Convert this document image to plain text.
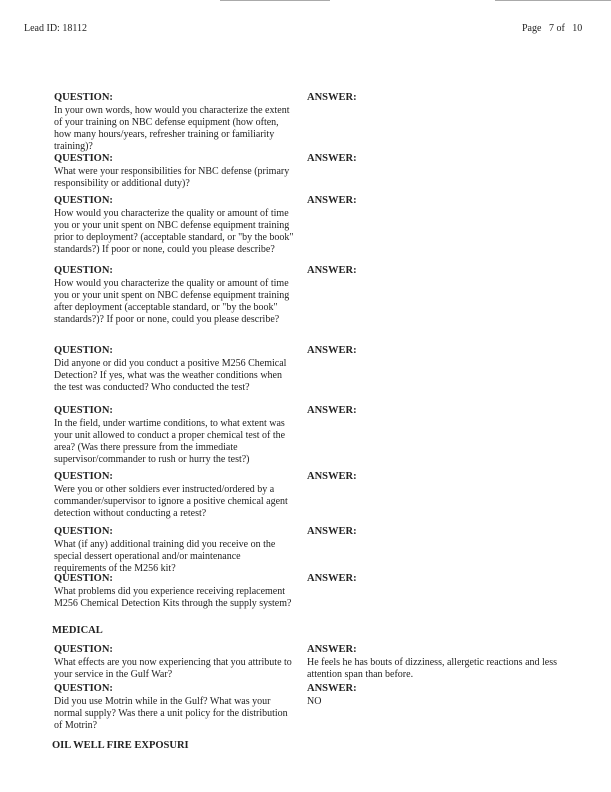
Lead ID: 18112	Page   7 of   10
QUESTION:
In your own words, how would you characterize the extent of your training on NBC defense equipment (how often, how many hours/years, refresher training or familiarity training)?
ANSWER:
QUESTION:
What were your responsibilities for NBC defense (primary responsibility or additional duty)?
ANSWER:
QUESTION:
How would you characterize the quality or amount of time you or your unit spent on NBC defense equipment training prior to deployment? (acceptable standard, or "by the book" standards?) If poor or none, could you please describe?
ANSWER:
QUESTION:
How would you characterize the quality or amount of time you or your unit spent on NBC defense equipment training after deployment (acceptable standard, or "by the book" standards?)? If poor or none, could you please describe?
ANSWER:
QUESTION:
Did anyone or did you conduct a positive M256 Chemical Detection? If yes, what was the weather conditions when the test was conducted? Who conducted the test?
ANSWER:
QUESTION:
In the field, under wartime conditions, to what extent was your unit allowed to conduct a proper chemical test of the area? (Was there pressure from the immediate supervisor/commander to rush or hurry the test?)
ANSWER:
QUESTION:
Were you or other soldiers ever instructed/ordered by a commander/supervisor to ignore a positive chemical agent detection without conducting a retest?
ANSWER:
QUESTION:
What (if any) additional training did you receive on the special dessert operational and/or maintenance requirements of the M256 kit?
ANSWER:
QUESTION:
What problems did you experience receiving replacement M256 Chemical Detection Kits through the supply system?
ANSWER:
QUESTION:
What effects are you now experiencing that you attribute to your service in the Gulf War?
ANSWER:
He feels he has bouts of dizziness, allergetic reactions and less attention span than before.
QUESTION:
Did you use Motrin while in the Gulf? What was your normal supply? Was there a unit policy for the distribution of Motrin?
ANSWER:
NO
MEDICAL
OIL WELL FIRE EXPOSURI
